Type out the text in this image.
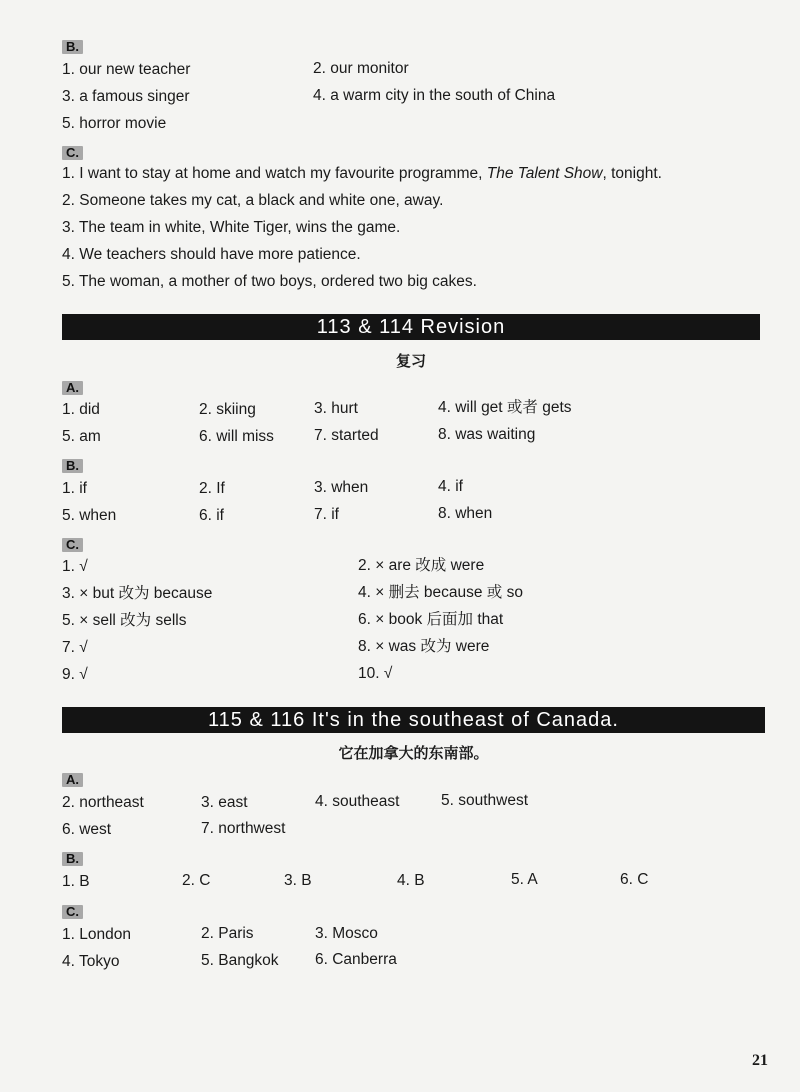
B.
1. our new teacher	2. our monitor
3. a famous singer	4. a warm city in the south of China
5. horror movie
C.
1. I want to stay at home and watch my favourite programme, The Talent Show, tonight.
2. Someone takes my cat, a black and white one, away.
3. The team in white, White Tiger, wins the game.
4. We teachers should have more patience.
5. The woman, a mother of two boys, ordered two big cakes.
113 & 114 Revision
复习
A.
1. did	2. skiing	3. hurt	4. will get 或者 gets
5. am	6. will miss	7. started	8. was waiting
B.
1. if	2. If	3. when	4. if
5. when	6. if	7. if	8. when
C.
1. √	2. × are 改成 were
3. × but 改为 because	4. × 删去 because 或 so
5. × sell 改为 sells	6. × book 后面加 that
7. √	8. × was 改为 were
9. √	10. √
115 & 116 It's in the southeast of Canada.
它在加拿大的东南部。
A.
2. northeast	3. east	4. southeast	5. southwest
6. west	7. northwest
B.
1. B	2. C	3. B	4. B	5. A	6. C
C.
1. London	2. Paris	3. Mosco
4. Tokyo	5. Bangkok 6. Canberra
21
